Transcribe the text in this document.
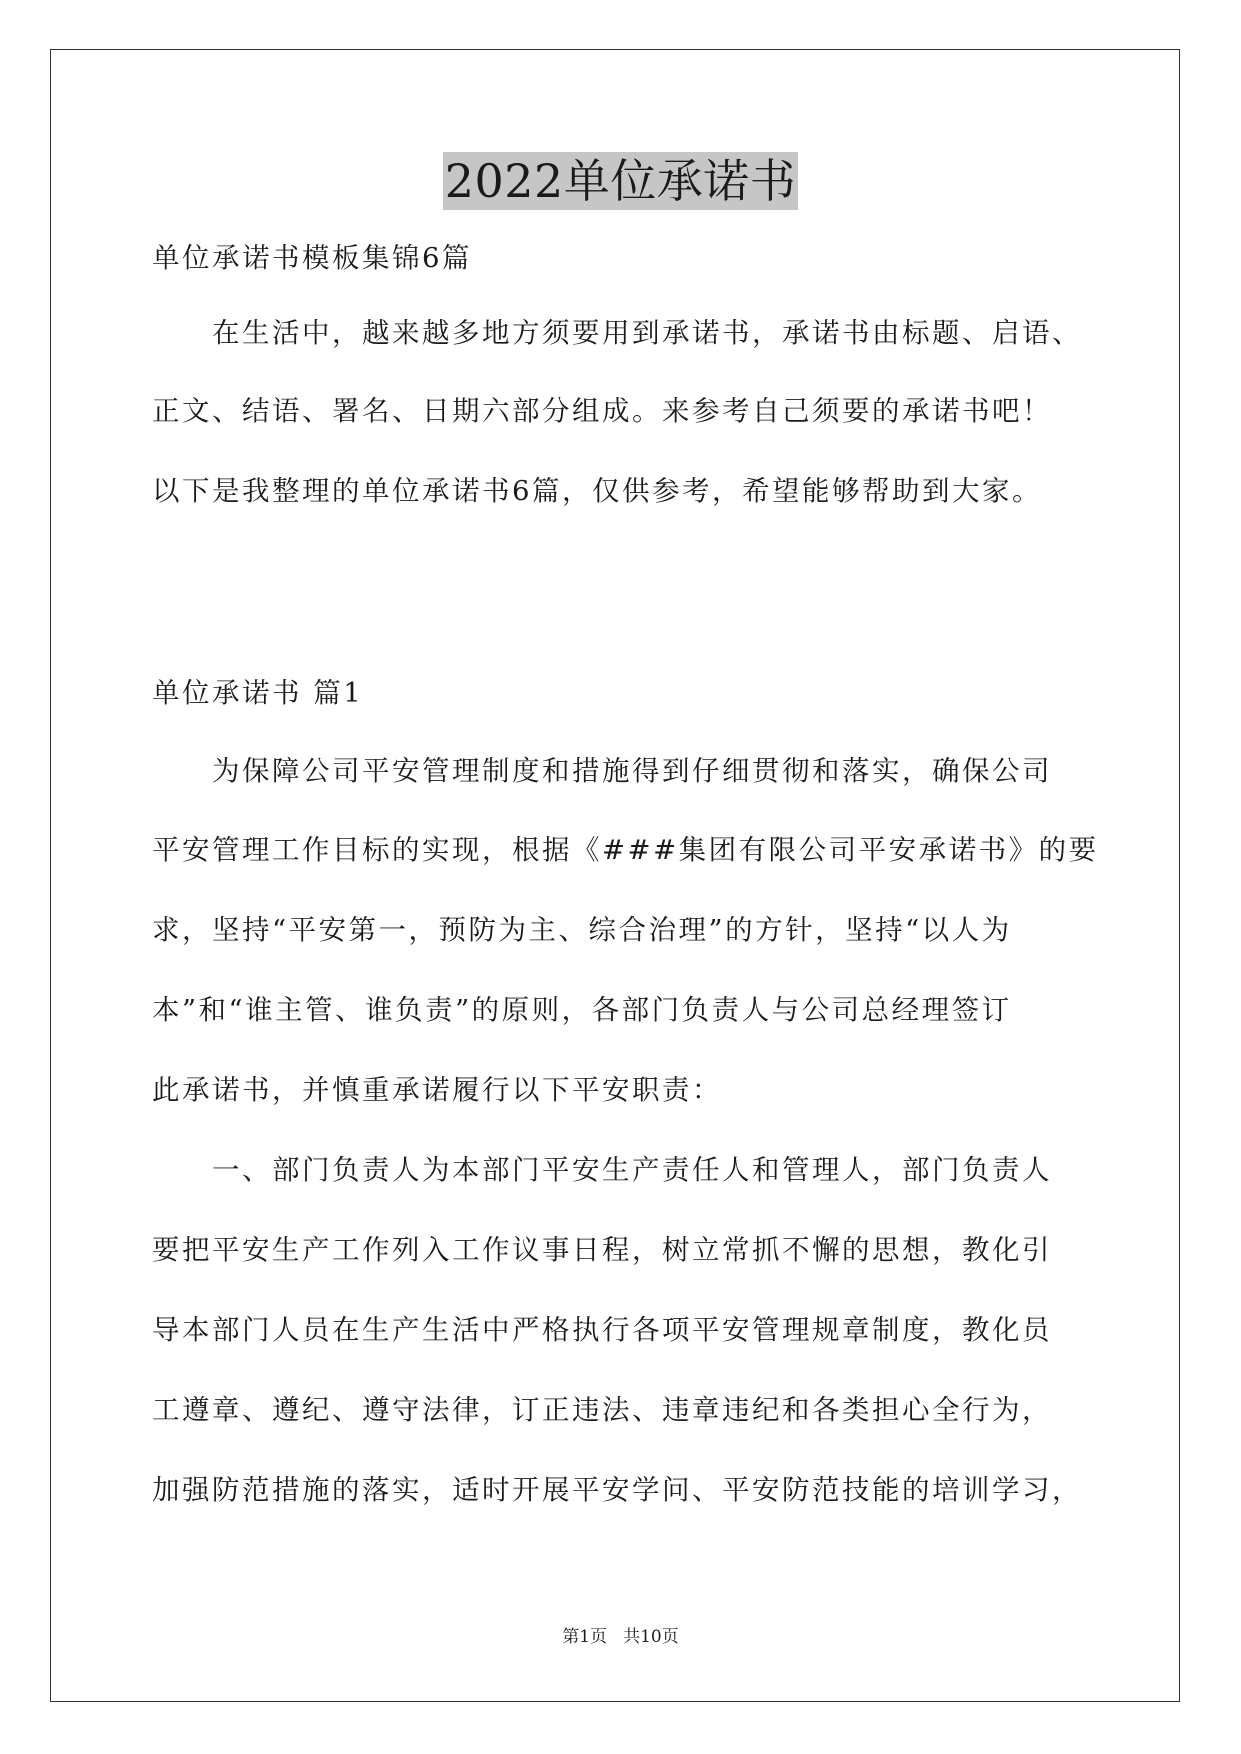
2022单位承诺书
单位承诺书模板集锦6篇
在生活中，越来越多地方须要用到承诺书，承诺书由标题、启语、
正文、结语、署名、日期六部分组成。来参考自己须要的承诺书吧！
以下是我整理的单位承诺书6篇，仅供参考，希望能够帮助到大家。
单位承诺书 篇1
为保障公司平安管理制度和措施得到仔细贯彻和落实，确保公司
平安管理工作目标的实现，根据《###集团有限公司平安承诺书》的要
求，坚持“平安第一，预防为主、综合治理”的方针，坚持“以人为
本”和“谁主管、谁负责”的原则，各部门负责人与公司总经理签订
此承诺书，并慎重承诺履行以下平安职责：
一、部门负责人为本部门平安生产责任人和管理人，部门负责人
要把平安生产工作列入工作议事日程，树立常抓不懈的思想，教化引
导本部门人员在生产生活中严格执行各项平安管理规章制度，教化员
工遵章、遵纪、遵守法律，订正违法、违章违纪和各类担心全行为，
加强防范措施的落实，适时开展平安学问、平安防范技能的培训学习，
第1页 共10页
